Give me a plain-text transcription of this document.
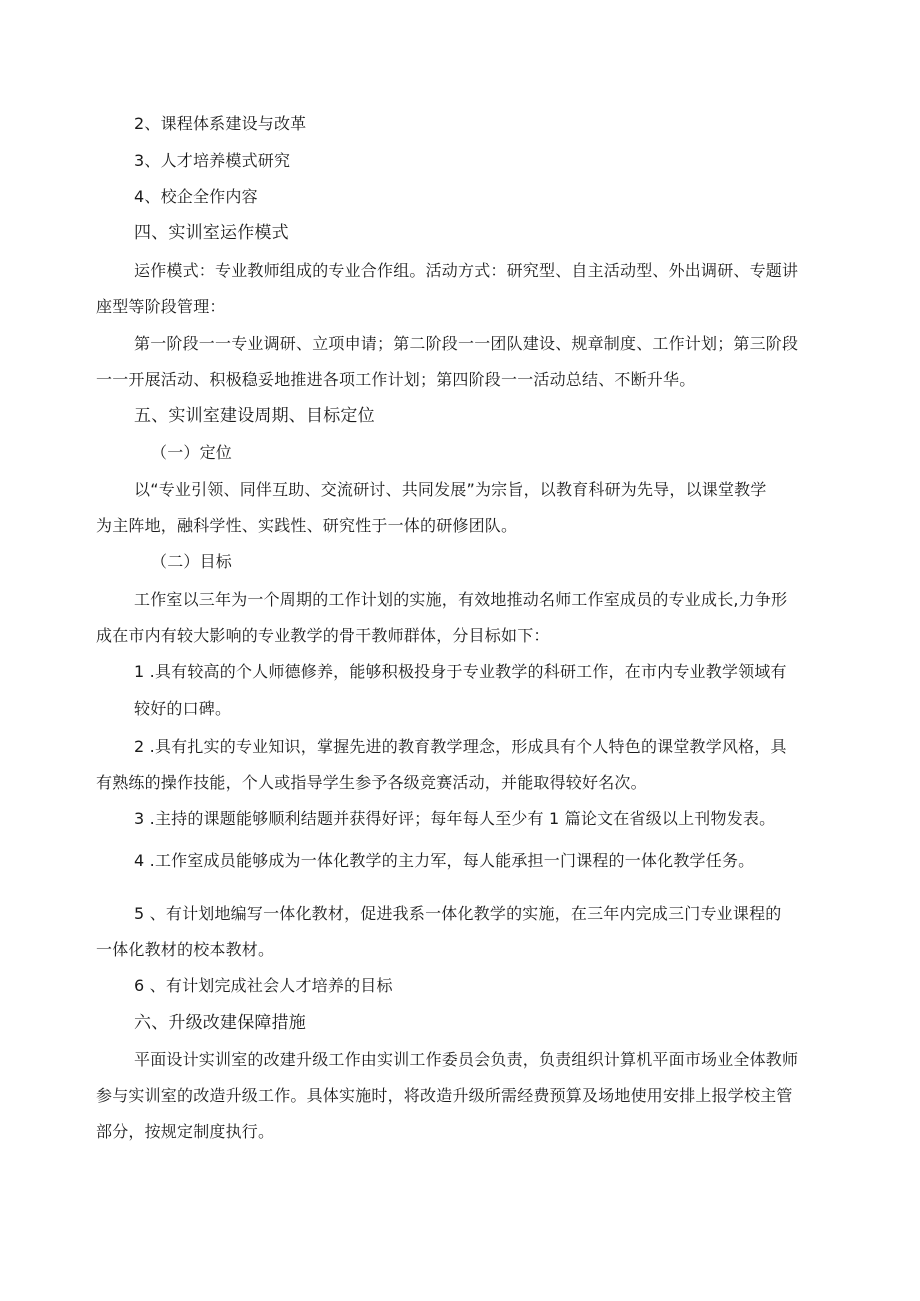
2、课程体系建设与改革
3、人才培养模式研究
4、校企全作内容
四、实训室运作模式
运作模式：专业教师组成的专业合作组。活动方式：研究型、自主活动型、外出调研、专题讲
座型等阶段管理：
第一阶段一一专业调研、立项申请；第二阶段一一团队建设、规章制度、工作计划；第三阶段
一一开展活动、积极稳妥地推进各项工作计划；第四阶段一一活动总结、不断升华。
五、实训室建设周期、目标定位
（一）定位
以“专业引领、同伴互助、交流研讨、共同发展”为宗旨，以教育科研为先导，以课堂教学
为主阵地，融科学性、实践性、研究性于一体的研修团队。
（二）目标
工作室以三年为一个周期的工作计划的实施，有效地推动名师工作室成员的专业成长,力争形
成在市内有较大影响的专业教学的骨干教师群体，分目标如下：
1 .具有较高的个人师德修养，能够积极投身于专业教学的科研工作，在市内专业教学领域有
较好的口碑。
2 .具有扎实的专业知识，掌握先进的教育教学理念，形成具有个人特色的课堂教学风格，具
有熟练的操作技能，个人或指导学生参予各级竞赛活动，并能取得较好名次。
3 .主持的课题能够顺利结题并获得好评；每年每人至少有 1 篇论文在省级以上刊物发表。
4 .工作室成员能够成为一体化教学的主力军，每人能承担一门课程的一体化教学任务。
5 、有计划地编写一体化教材，促进我系一体化教学的实施，在三年内完成三门专业课程的
一体化教材的校本教材。
6 、有计划完成社会人才培养的目标
六、升级改建保障措施
平面设计实训室的改建升级工作由实训工作委员会负责，负责组织计算机平面市场业全体教师
参与实训室的改造升级工作。具体实施时，将改造升级所需经费预算及场地使用安排上报学校主管
部分，按规定制度执行。
